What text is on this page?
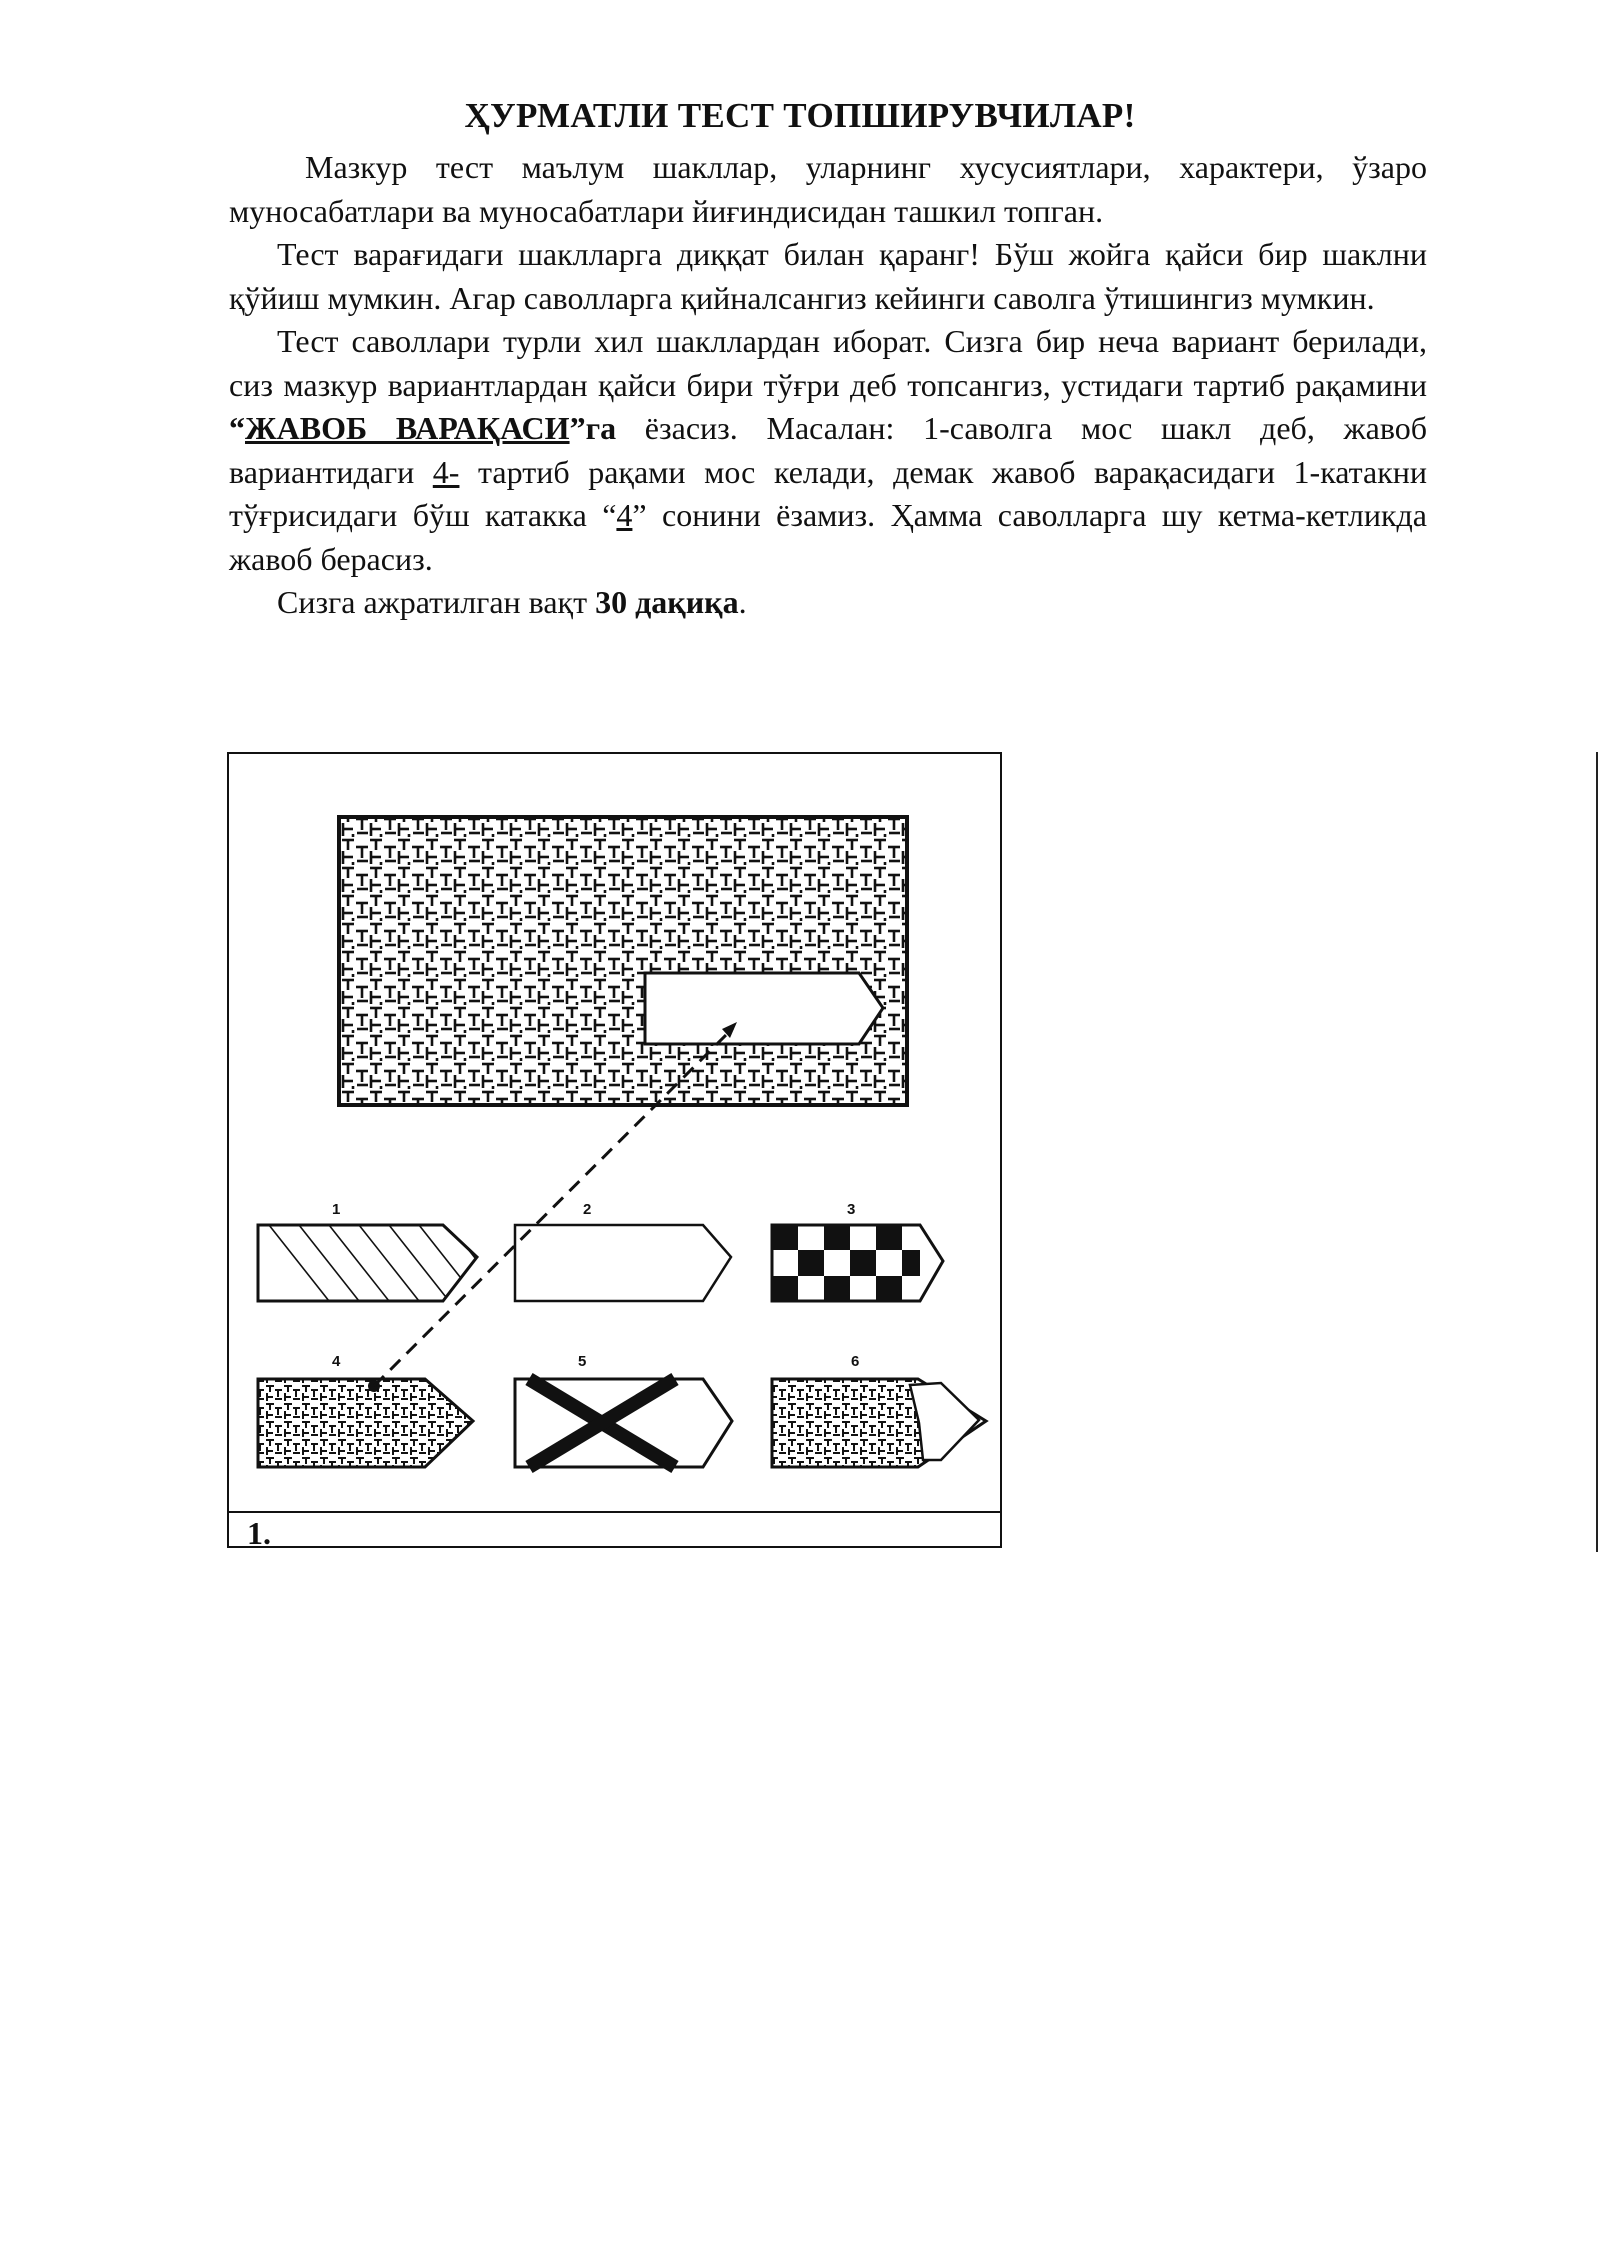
ҲУРМАТЛИ ТЕСТ ТОПШИРУВЧИЛАР!

Мазкур тест маълум шакллар, уларнинг хусусиятлари, характери, ўзаро муносабатлари ва муносабатлари йиғиндисидан ташкил топган.

Тест варағидаги шаклларга диққат билан қаранг! Бўш жойга қайси бир шаклни қўйиш мумкин. Агар саволларга қийналсангиз кейинги саволга ўтишингиз мумкин.

Тест саволлари турли хил шакллардан иборат. Сизга бир неча вариант берилади, сиз мазкур вариантлардан қайси бири тўғри деб топсангиз, устидаги тартиб рақамини “ЖАВОБ ВАРАҚАСИ”га ёзасиз. Масалан: 1-саволга мос шакл деб, жавоб вариантидаги 4- тартиб рақами мос келади, демак жавоб варақасидаги 1-катакни тўғрисидаги бўш катакка “4” сонини ёзамиз. Ҳамма саволларга шу кетма-кетликда жавоб берасиз.

Сизга ажратилган вақт 30 дақиқа.

1	2	3
4	5	6
1.
